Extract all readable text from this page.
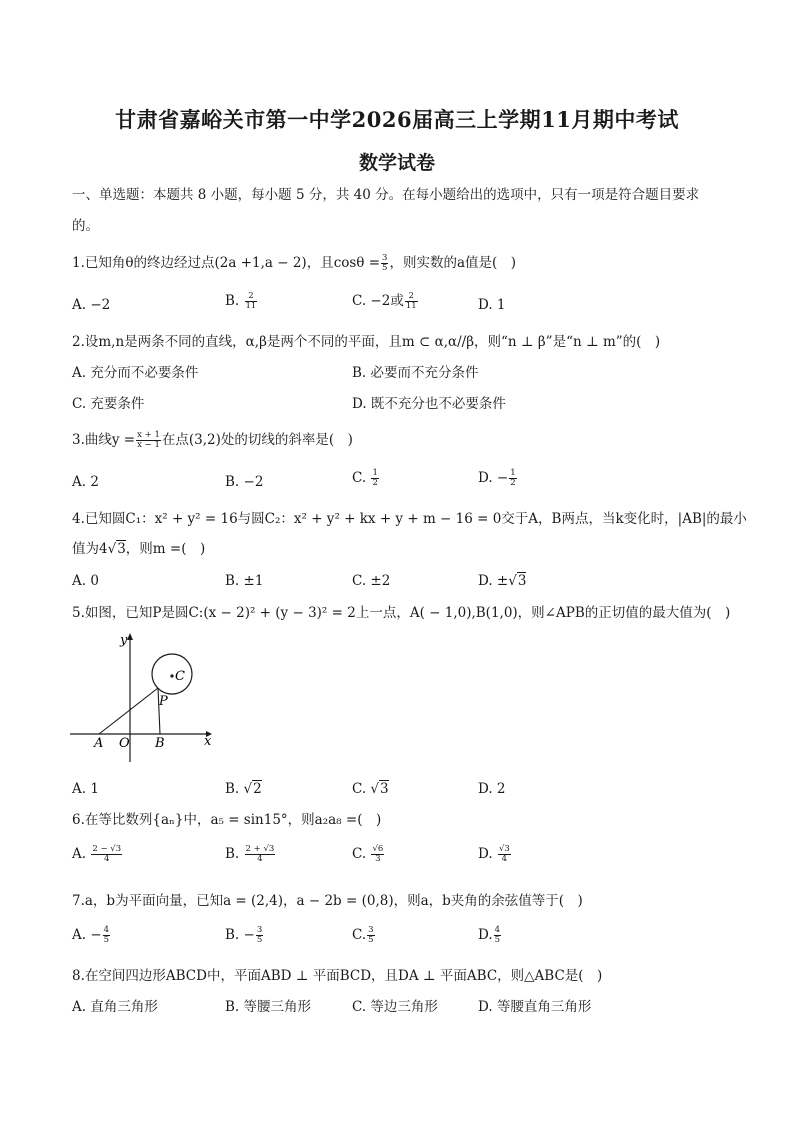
甘肃省嘉峪关市第一中学2026届高三上学期11月期中考试
数学试卷
一、单选题：本题共 8 小题，每小题 5 分，共 40 分。在每小题给出的选项中，只有一项是符合题目要求
的。
1.已知角θ的终边经过点(2a +1,a − 2)，且$\cos\theta = \frac{3}{5}$ ，则实数的a值是(　)
A. −2	B. $\frac{2}{11}$	C. −2或 $\frac{2}{11}$	D. 1
2.设m,n是两条不同的直线，α,β是两个不同的平面，且m ⊂ α,α//β，则“n ⊥ β”是“n ⊥ m”的(　)
A. 充分而不必要条件	B. 必要而不充分条件
C. 充要条件	D. 既不充分也不必要条件
3.曲线$y = \frac{x + 1}{x - 1}$ 在点(3,2)处的切线的斜率是(　)
A. 2	B. −2	C. $\frac{1}{2}$	D. − $\frac{1}{2}$
4.已知圆C₁：x² + y² = 16与圆C₂：x² + y² + kx + y + m − 16 = 0交于A，B两点，当k变化时，|AB|的最小
值为4√3，则m =(　)
A. 0	B. ±1	C. ±2	D. ±√3
5.如图，已知P是圆C:(x − 2)² + (y − 3)² = 2上一点，A( − 1,0),B(1,0)，则∠APB的正切值的最大值为(　)
y
x
C
P
A O B
A. 1	B. √2	C. √3	D. 2
6.在等比数列{aₙ}中，a₅ = sin15°，则a₂a₈ =(　)
A. $\frac{2 - √3}{4}$	B. $\frac{2 + √3}{4}$	C. $\frac{√6}{3}$	D. $\frac{√3}{4}$
7.a，b为平面向量，已知a = (2,4)，a − 2b = (0,8)，则a，b夹角的余弦值等于(　)
A. − $\frac{4}{5}$	B. − $\frac{3}{5}$	C. $\frac{3}{5}$	D. $\frac{4}{5}$
8.在空间四边形ABCD中，平面ABD ⊥ 平面BCD，且DA ⊥ 平面ABC，则△ABC是(　)
A. 直角三角形	B. 等腰三角形	C. 等边三角形	D. 等腰直角三角形
